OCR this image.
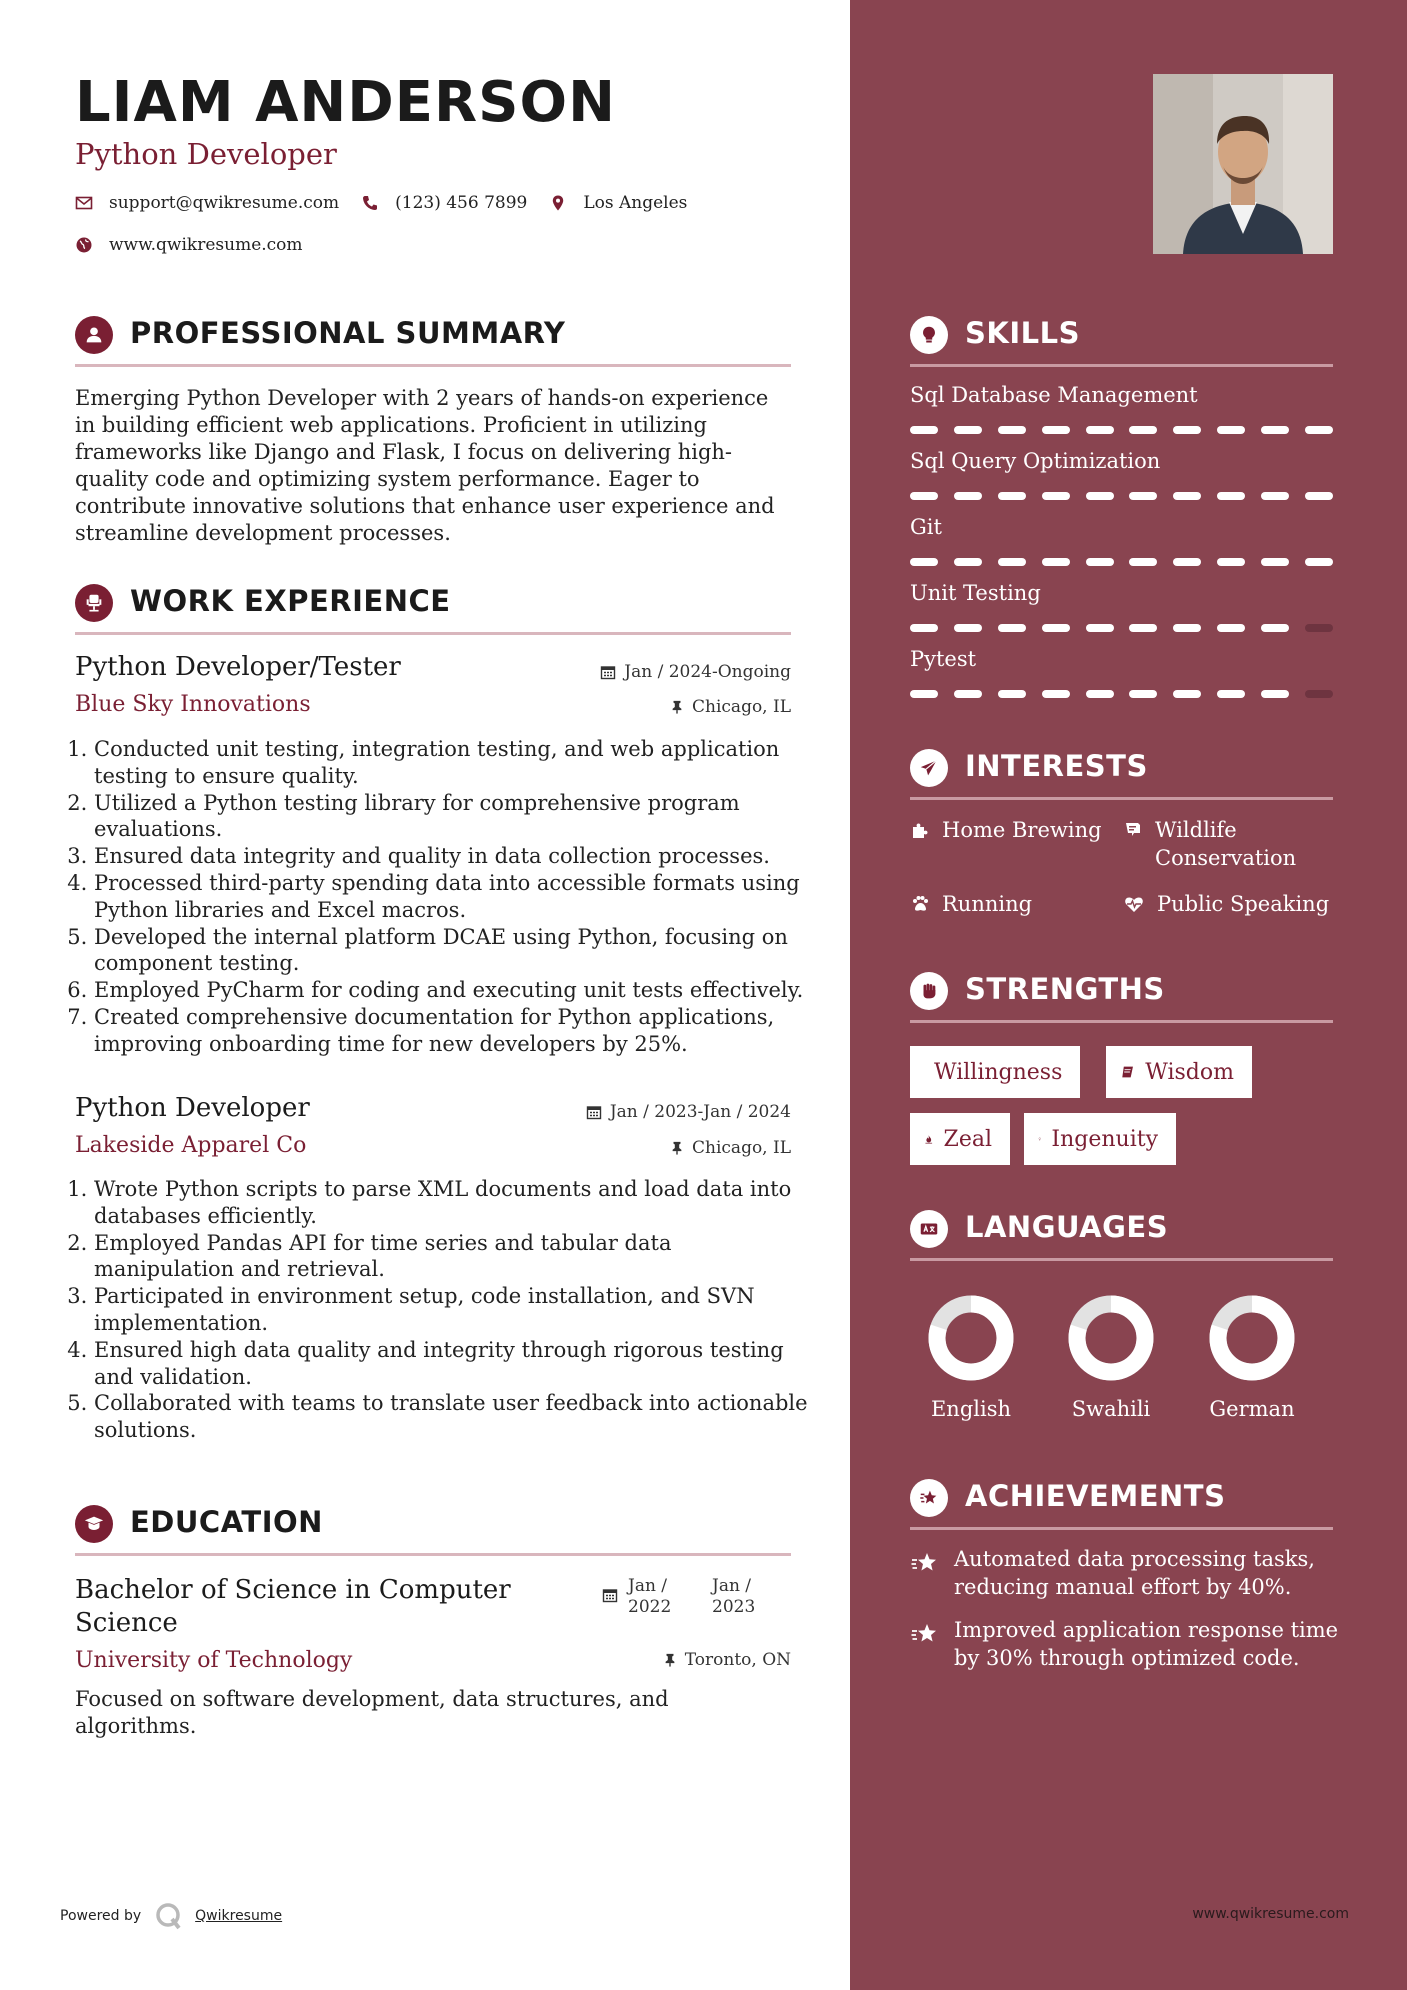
LIAM ANDERSON
Python Developer
support@qwikresume.com	(123) 456 7899	Los Angeles
www.qwikresume.com
PROFESSIONAL SUMMARY
Emerging Python Developer with 2 years of hands-on experience in building efficient web applications. Proficient in utilizing frameworks like Django and Flask, I focus on delivering high-quality code and optimizing system performance. Eager to contribute innovative solutions that enhance user experience and streamline development processes.
WORK EXPERIENCE
Python Developer/Tester	Jan / 2024-Ongoing
Blue Sky Innovations	Chicago, IL
1. Conducted unit testing, integration testing, and web application testing to ensure quality.
2. Utilized a Python testing library for comprehensive program evaluations.
3. Ensured data integrity and quality in data collection processes.
4. Processed third-party spending data into accessible formats using Python libraries and Excel macros.
5. Developed the internal platform DCAE using Python, focusing on component testing.
6. Employed PyCharm for coding and executing unit tests effectively.
7. Created comprehensive documentation for Python applications, improving onboarding time for new developers by 25%.
Python Developer	Jan / 2023-Jan / 2024
Lakeside Apparel Co	Chicago, IL
1. Wrote Python scripts to parse XML documents and load data into databases efficiently.
2. Employed Pandas API for time series and tabular data manipulation and retrieval.
3. Participated in environment setup, code installation, and SVN implementation.
4. Ensured high data quality and integrity through rigorous testing and validation.
5. Collaborated with teams to translate user feedback into actionable solutions.
EDUCATION
Bachelor of Science in Computer Science
Jan /
2022
Jan /
2023
University of Technology	Toronto, ON
Focused on software development, data structures, and algorithms.
SKILLS
Sql Database Management
Sql Query Optimization
Git
Unit Testing
Pytest
INTERESTS
Home Brewing	Wildlife Conservation
Running	Public Speaking
STRENGTHS
Willingness	Wisdom
Zeal	Ingenuity
LANGUAGES
English	Swahili	German
ACHIEVEMENTS
Automated data processing tasks, reducing manual effort by 40%.
Improved application response time by 30% through optimized code.
Powered by	Qwikresume	www.qwikresume.com
